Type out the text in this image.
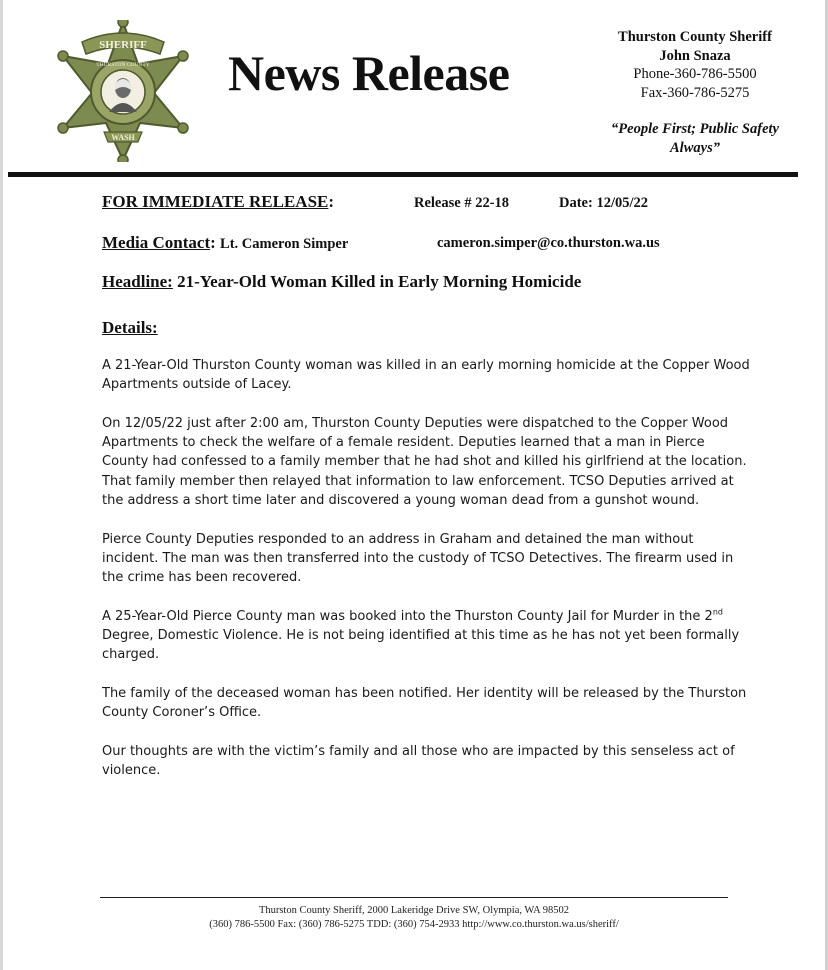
SHERIFF
THURSTON COUNTY
WASH
News Release
Thurston County Sheriff
John Snaza
Phone-360-786-5500
Fax-360-786-5275
“People First; Public Safety Always”
FOR IMMEDIATE RELEASE:	Release # 22-18	Date: 12/05/22
Media Contact: Lt. Cameron Simper	cameron.simper@co.thurston.wa.us
Headline: 21-Year-Old Woman Killed in Early Morning Homicide
Details:

A 21-Year-Old Thurston County woman was killed in an early morning homicide at the Copper Wood Apartments outside of Lacey.

On 12/05/22 just after 2:00 am, Thurston County Deputies were dispatched to the Copper Wood Apartments to check the welfare of a female resident. Deputies learned that a man in Pierce County had confessed to a family member that he had shot and killed his girlfriend at the location. That family member then relayed that information to law enforcement. TCSO Deputies arrived at the address a short time later and discovered a young woman dead from a gunshot wound.

Pierce County Deputies responded to an address in Graham and detained the man without incident. The man was then transferred into the custody of TCSO Detectives. The firearm used in the crime has been recovered.

A 25-Year-Old Pierce County man was booked into the Thurston County Jail for Murder in the 2nd Degree, Domestic Violence. He is not being identified at this time as he has not yet been formally charged.

The family of the deceased woman has been notified. Her identity will be released by the Thurston County Coroner’s Office.

Our thoughts are with the victim’s family and all those who are impacted by this senseless act of violence.

Thurston County Sheriff, 2000 Lakeridge Drive SW, Olympia, WA 98502
(360) 786-5500 Fax: (360) 786-5275 TDD: (360) 754-2933 http://www.co.thurston.wa.us/sheriff/
